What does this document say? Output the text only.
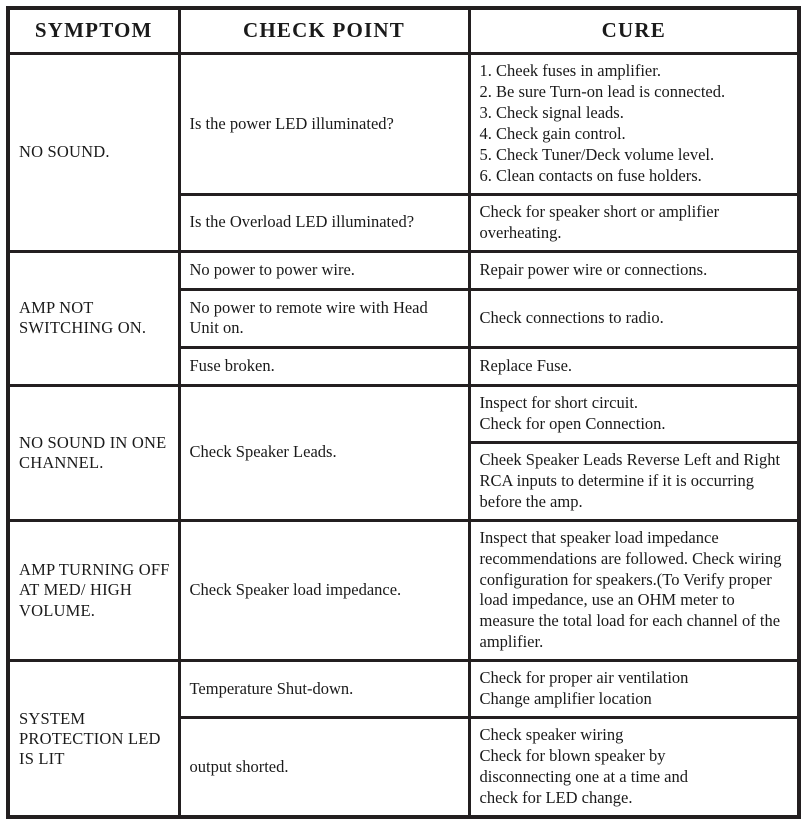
SYMPTOM	CHECK POINT	CURE
NO SOUND.	Is the power LED illuminated?	
1. Cheek fuses in amplifier.
2. Be sure Turn-on lead is connected.
3. Check signal leads.
4. Check gain control.
5. Check Tuner/Deck volume level.
6. Clean contacts on fuse holders.

	Is the Overload LED illuminated?	Check for speaker short or amplifier overheating.

AMP NOT SWITCHING ON.	No power to power wire.	Repair power wire or connections.

	No power to remote wire with Head Unit on.	Check connections to radio.

	Fuse broken.	Replace Fuse.

NO SOUND IN ONE CHANNEL.	Check Speaker Leads.	Inspect for short circuit.
Check for open Connection.

		Cheek Speaker Leads Reverse Left and Right RCA inputs to determine if it is occurring before the amp.

AMP TURNING OFF AT MED/ HIGH VOLUME.	Check Speaker load impedance.	Inspect that speaker load impedance recommendations are followed. Check wiring configuration for speakers.(To Verify proper load impedance, use an OHM meter to measure the total load for each channel of the amplifier.

SYSTEM PROTECTION LED IS LIT	Temperature Shut-down.	Check for proper air ventilation
Change amplifier location

	output shorted.	Check speaker wiring
Check for blown speaker by
disconnecting one at a time and
check for LED change.
